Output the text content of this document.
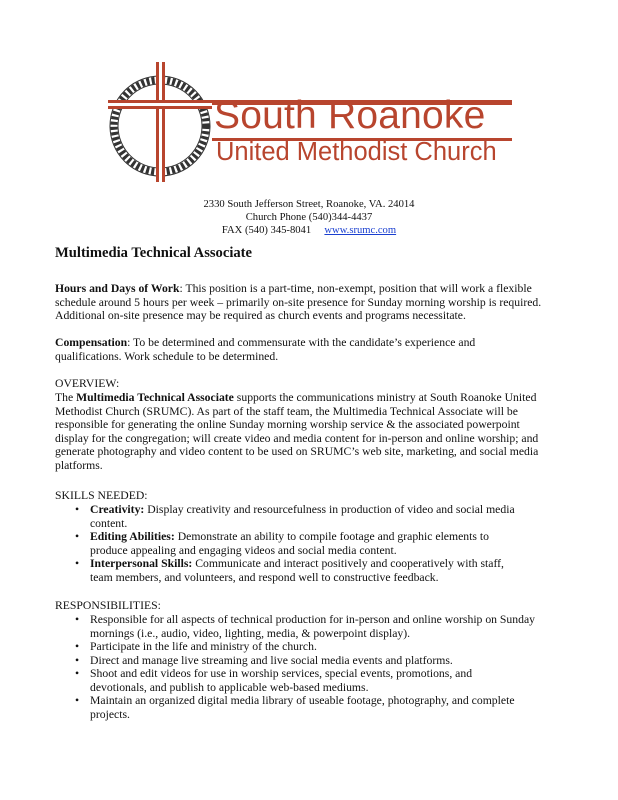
South Roanoke
United Methodist Church
2330 South Jefferson Street, Roanoke, VA. 24014
Church Phone (540)344-4437
FAX (540) 345-8041 www.srumc.com
Multimedia Technical Associate
Hours and Days of Work: This position is a part-time, non-exempt, position that will work a flexible
schedule around 5 hours per week – primarily on-site presence for Sunday morning worship is required.
Additional on-site presence may be required as church events and programs necessitate.
Compensation: To be determined and commensurate with the candidate’s experience and
qualifications. Work schedule to be determined.
OVERVIEW:
The Multimedia Technical Associate supports the communications ministry at South Roanoke United
Methodist Church (SRUMC). As part of the staff team, the Multimedia Technical Associate will be
responsible for generating the online Sunday morning worship service & the associated powerpoint
display for the congregation; will create video and media content for in-person and online worship; and
generate photography and video content to be used on SRUMC’s web site, marketing, and social media
platforms.
SKILLS NEEDED:
• Creativity: Display creativity and resourcefulness in production of video and social media
content.
• Editing Abilities: Demonstrate an ability to compile footage and graphic elements to
produce appealing and engaging videos and social media content.
• Interpersonal Skills: Communicate and interact positively and cooperatively with staff,
team members, and volunteers, and respond well to constructive feedback.
RESPONSIBILITIES:
• Responsible for all aspects of technical production for in-person and online worship on Sunday
mornings (i.e., audio, video, lighting, media, & powerpoint display).
• Participate in the life and ministry of the church.
• Direct and manage live streaming and live social media events and platforms.
• Shoot and edit videos for use in worship services, special events, promotions, and
devotionals, and publish to applicable web-based mediums.
• Maintain an organized digital media library of useable footage, photography, and complete
projects.
